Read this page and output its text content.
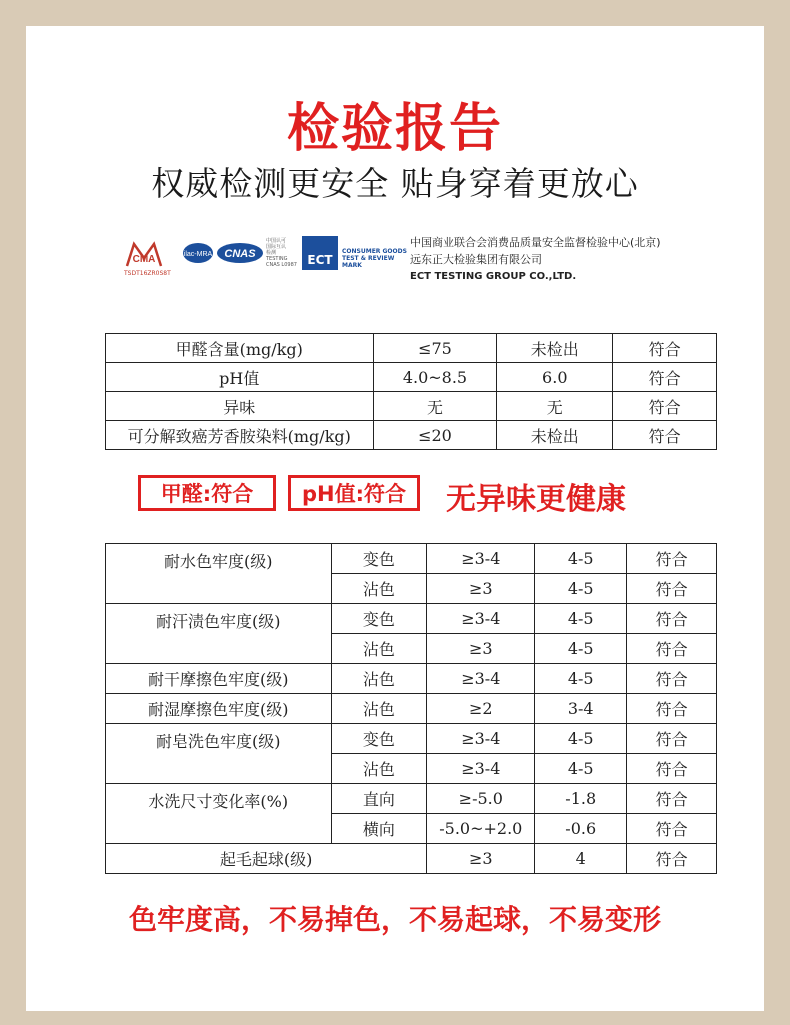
检验报告
权威检测更安全 贴身穿着更放心
CMA
TSDT16ZR0S8T
ilac-MRA CNAS
中国认可
国际互认
检测
TESTING
CNAS L0987 ECT
CONSUMER GOODS
TEST & REVIEW
MARK
中国商业联合会消费品质量安全监督检验中心(北京)
远东正大检验集团有限公司
ECT TESTING GROUP CO.,LTD.
甲醛含量(mg/kg)	≤75	未检出	符合
pH值	4.0~8.5	6.0	符合
异味	无	无	符合
可分解致癌芳香胺染料(mg/kg)	≤20	未检出	符合
甲醛:符合	pH值:符合	无异味更健康
耐水色牢度(级)	变色	≥3-4	4-5	符合
	沾色	≥3	4-5	符合
耐汗渍色牢度(级)	变色	≥3-4	4-5	符合
	沾色	≥3	4-5	符合
耐干摩擦色牢度(级)	沾色	≥3-4	4-5	符合
耐湿摩擦色牢度(级)	沾色	≥2	3-4	符合
耐皂洗色牢度(级)	变色	≥3-4	4-5	符合
	沾色	≥3-4	4-5	符合
水洗尺寸变化率(%)	直向	≥-5.0	-1.8	符合
	横向	-5.0~+2.0	-0.6	符合
起毛起球(级)		≥3	4	符合
色牢度高，不易掉色，不易起球，不易变形
